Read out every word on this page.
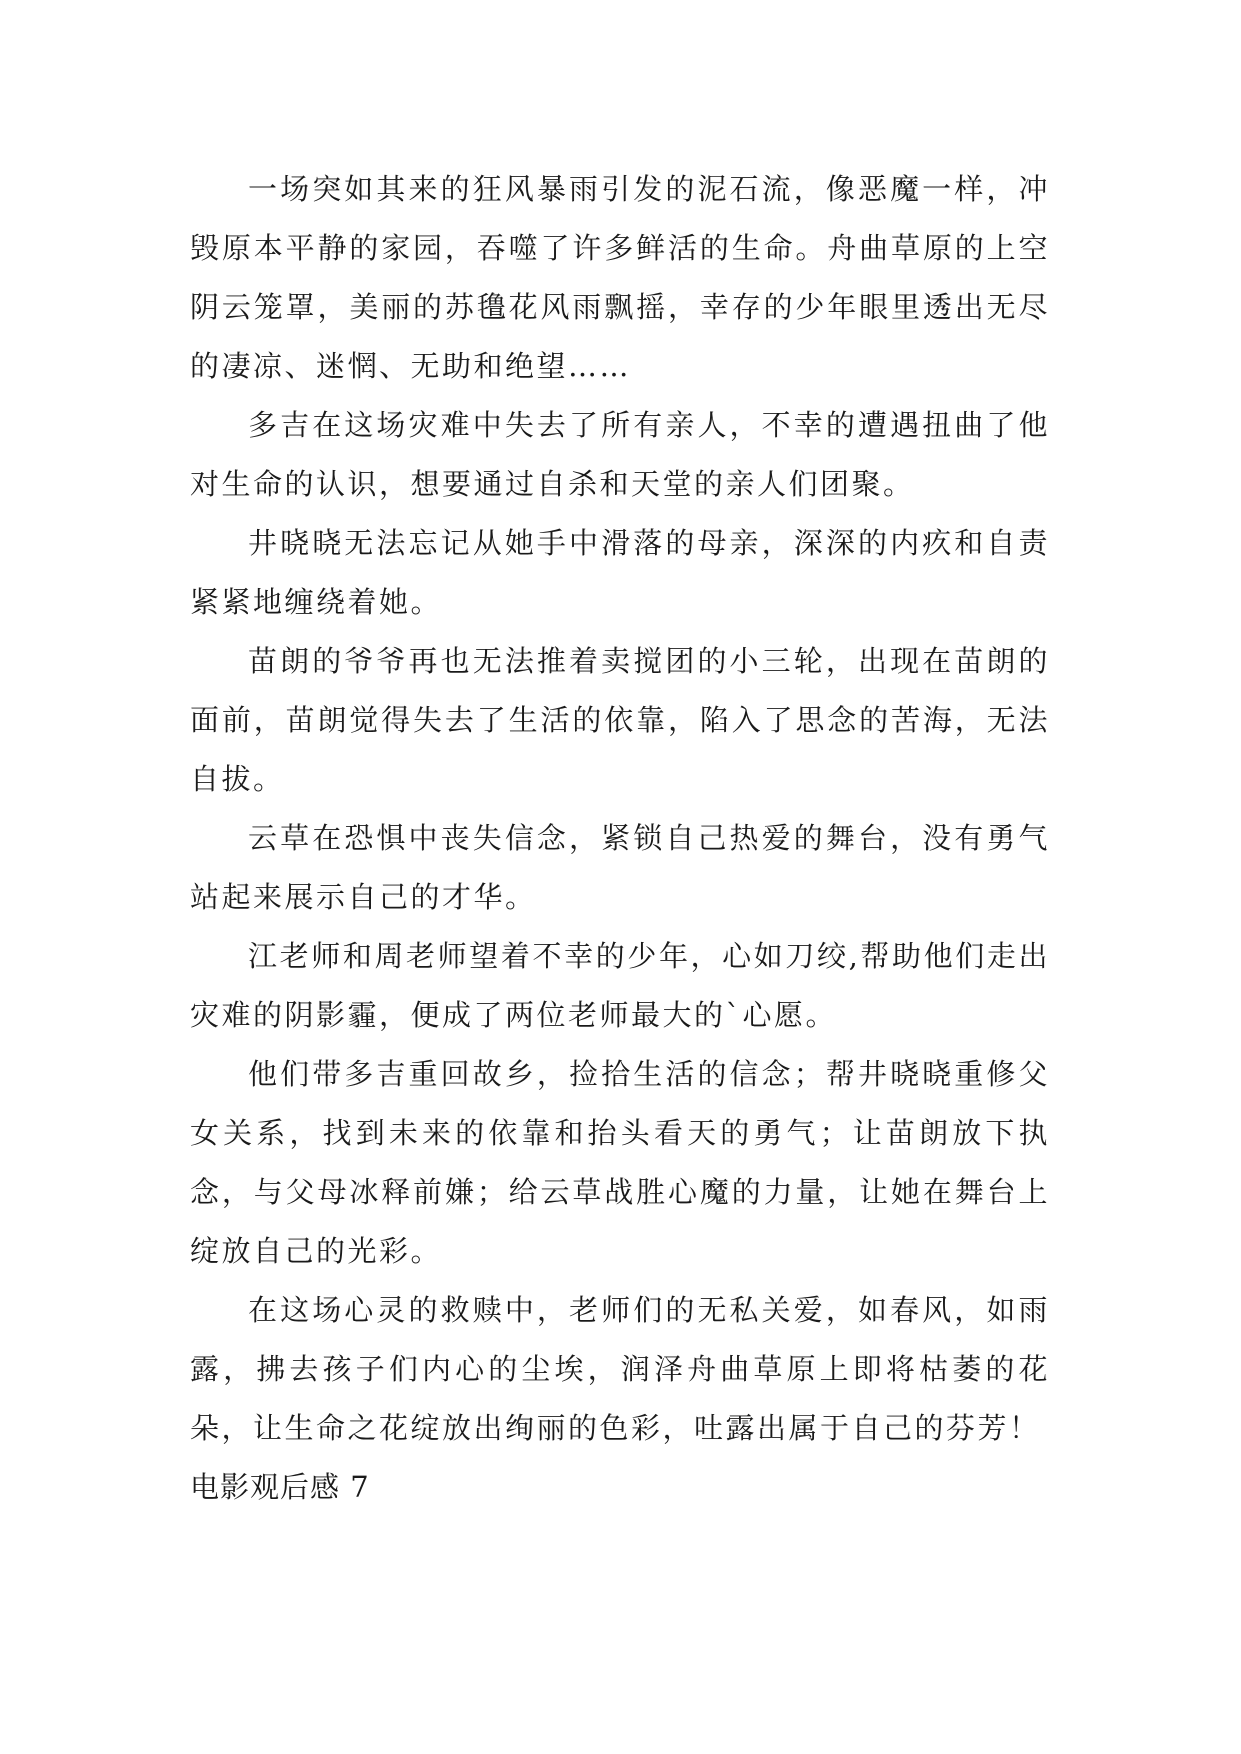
一场突如其来的狂风暴雨引发的泥石流，像恶魔一样，冲毁原本平静的家园，吞噬了许多鲜活的生命。舟曲草原的上空阴云笼罩，美丽的苏氇花风雨飘摇，幸存的少年眼里透出无尽的凄凉、迷惘、无助和绝望……

多吉在这场灾难中失去了所有亲人，不幸的遭遇扭曲了他对生命的认识，想要通过自杀和天堂的亲人们团聚。

井晓晓无法忘记从她手中滑落的母亲，深深的内疚和自责紧紧地缠绕着她。

苗朗的爷爷再也无法推着卖搅团的小三轮，出现在苗朗的面前，苗朗觉得失去了生活的依靠，陷入了思念的苦海，无法自拔。

云草在恐惧中丧失信念，紧锁自己热爱的舞台，没有勇气站起来展示自己的才华。

江老师和周老师望着不幸的少年，心如刀绞,帮助他们走出灾难的阴影霾，便成了两位老师最大的`心愿。

他们带多吉重回故乡，捡拾生活的信念；帮井晓晓重修父女关系，找到未来的依靠和抬头看天的勇气；让苗朗放下执念，与父母冰释前嫌；给云草战胜心魔的力量，让她在舞台上绽放自己的光彩。

在这场心灵的救赎中，老师们的无私关爱，如春风，如雨露，拂去孩子们内心的尘埃，润泽舟曲草原上即将枯萎的花朵，让生命之花绽放出绚丽的色彩，吐露出属于自己的芬芳！

电影观后感 7
